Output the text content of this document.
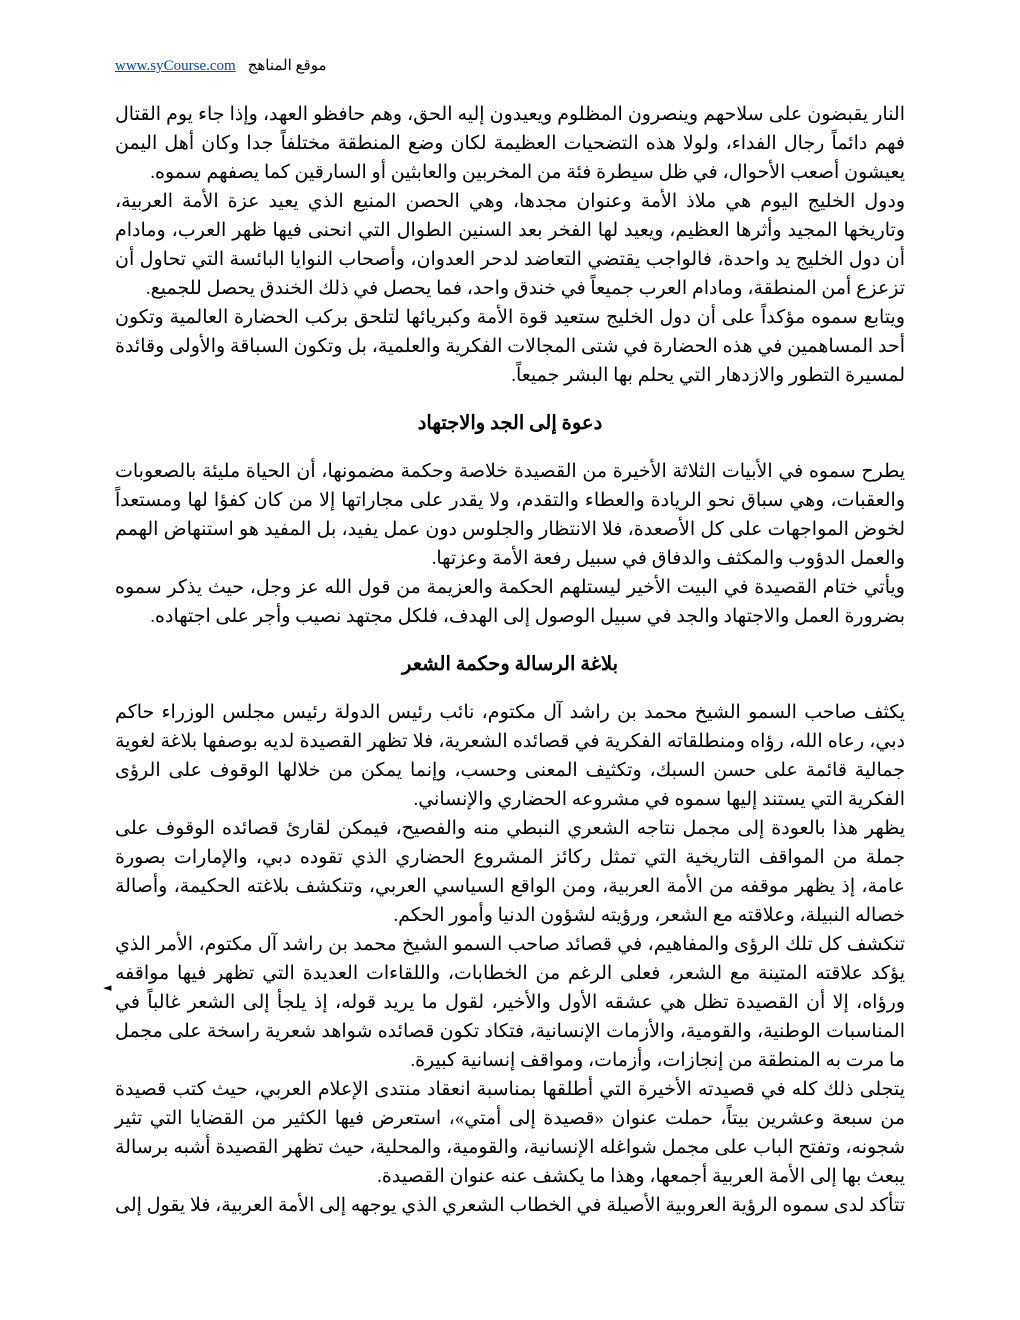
www.syCourse.com موقع المناهج

النار يقبضون على سلاحهم وينصرون المظلوم ويعيدون إليه الحق، وهم حافظو العهد، وإذا جاء يوم القتال فهم دائماً رجال الفداء، ولولا هذه التضحيات العظيمة لكان وضع المنطقة مختلفاً جدا وكان أهل اليمن يعيشون أصعب الأحوال، في ظل سيطرة فئة من المخربين والعابثين أو السارقين كما يصفهم سموه.

ودول الخليج اليوم هي ملاذ الأمة وعنوان مجدها، وهي الحصن المنيع الذي يعيد عزة الأمة العربية، وتاريخها المجيد وأثرها العظيم، ويعيد لها الفخر بعد السنين الطوال التي انحنى فيها ظهر العرب، ومادام أن دول الخليج يد واحدة، فالواجب يقتضي التعاضد لدحر العدوان، وأصحاب النوايا البائسة التي تحاول أن تزعزع أمن المنطقة، ومادام العرب جميعاً في خندق واحد، فما يحصل في ذلك الخندق يحصل للجميع.

ويتابع سموه مؤكداً على أن دول الخليج ستعيد قوة الأمة وكبريائها لتلحق بركب الحضارة العالمية وتكون أحد المساهمين في هذه الحضارة في شتى المجالات الفكرية والعلمية، بل وتكون السباقة والأولى وقائدة لمسيرة التطور والازدهار التي يحلم بها البشر جميعاً.

دعوة إلى الجد والاجتهاد

يطرح سموه في الأبيات الثلاثة الأخيرة من القصيدة خلاصة وحكمة مضمونها، أن الحياة مليئة بالصعوبات والعقبات، وهي سباق نحو الريادة والعطاء والتقدم، ولا يقدر على مجاراتها إلا من كان كفؤا لها ومستعداً لخوض المواجهات على كل الأصعدة، فلا الانتظار والجلوس دون عمل يفيد، بل المفيد هو استنهاض الهمم والعمل الدؤوب والمكثف والدفاق في سبيل رفعة الأمة وعزتها.

ويأتي ختام القصيدة في البيت الأخير ليستلهم الحكمة والعزيمة من قول الله عز وجل، حيث يذكر سموه بضرورة العمل والاجتهاد والجد في سبيل الوصول إلى الهدف، فلكل مجتهد نصيب وأجر على اجتهاده.

بلاغة الرسالة وحكمة الشعر

يكثف صاحب السمو الشيخ محمد بن راشد آل مكتوم، نائب رئيس الدولة رئيس مجلس الوزراء حاكم دبي، رعاه الله، رؤاه ومنطلقاته الفكرية في قصائده الشعرية، فلا تظهر القصيدة لديه بوصفها بلاغة لغوية جمالية قائمة على حسن السبك، وتكثيف المعنى وحسب، وإنما يمكن من خلالها الوقوف على الرؤى الفكرية التي يستند إليها سموه في مشروعه الحضاري والإنساني.

يظهر هذا بالعودة إلى مجمل نتاجه الشعري النبطي منه والفصيح، فيمكن لقارئ قصائده الوقوف على جملة من المواقف التاريخية التي تمثل ركائز المشروع الحضاري الذي تقوده دبي، والإمارات بصورة عامة، إذ يظهر موقفه من الأمة العربية، ومن الواقع السياسي العربي، وتنكشف بلاغته الحكيمة، وأصالة خصاله النبيلة، وعلاقته مع الشعر، ورؤيته لشؤون الدنيا وأمور الحكم.

تنكشف كل تلك الرؤى والمفاهيم، في قصائد صاحب السمو الشيخ محمد بن راشد آل مكتوم، الأمر الذي يؤكد علاقته المتينة مع الشعر، فعلى الرغم من الخطابات، واللقاءات العديدة التي تظهر فيها مواقفه ورؤاه، إلا أن القصيدة تظل هي عشقه الأول والأخير، لقول ما يريد قوله، إذ يلجأ إلى الشعر غالباً في المناسبات الوطنية، والقومية، والأزمات الإنسانية، فتكاد تكون قصائده شواهد شعرية راسخة على مجمل ما مرت به المنطقة من إنجازات، وأزمات، ومواقف إنسانية كبيرة.

يتجلى ذلك كله في قصيدته الأخيرة التي أطلقها بمناسبة انعقاد منتدى الإعلام العربي، حيث كتب قصيدة من سبعة وعشرين بيتاً، حملت عنوان «قصيدة إلى أمتي»، استعرض فيها الكثير من القضايا التي تثير شجونه، وتفتح الباب على مجمل شواغله الإنسانية، والقومية، والمحلية، حيث تظهر القصيدة أشبه برسالة يبعث بها إلى الأمة العربية أجمعها، وهذا ما يكشف عنه عنوان القصيدة.

تتأكد لدى سموه الرؤية العروبية الأصيلة في الخطاب الشعري الذي يوجهه إلى الأمة العربية، فلا يقول إلى

◄
